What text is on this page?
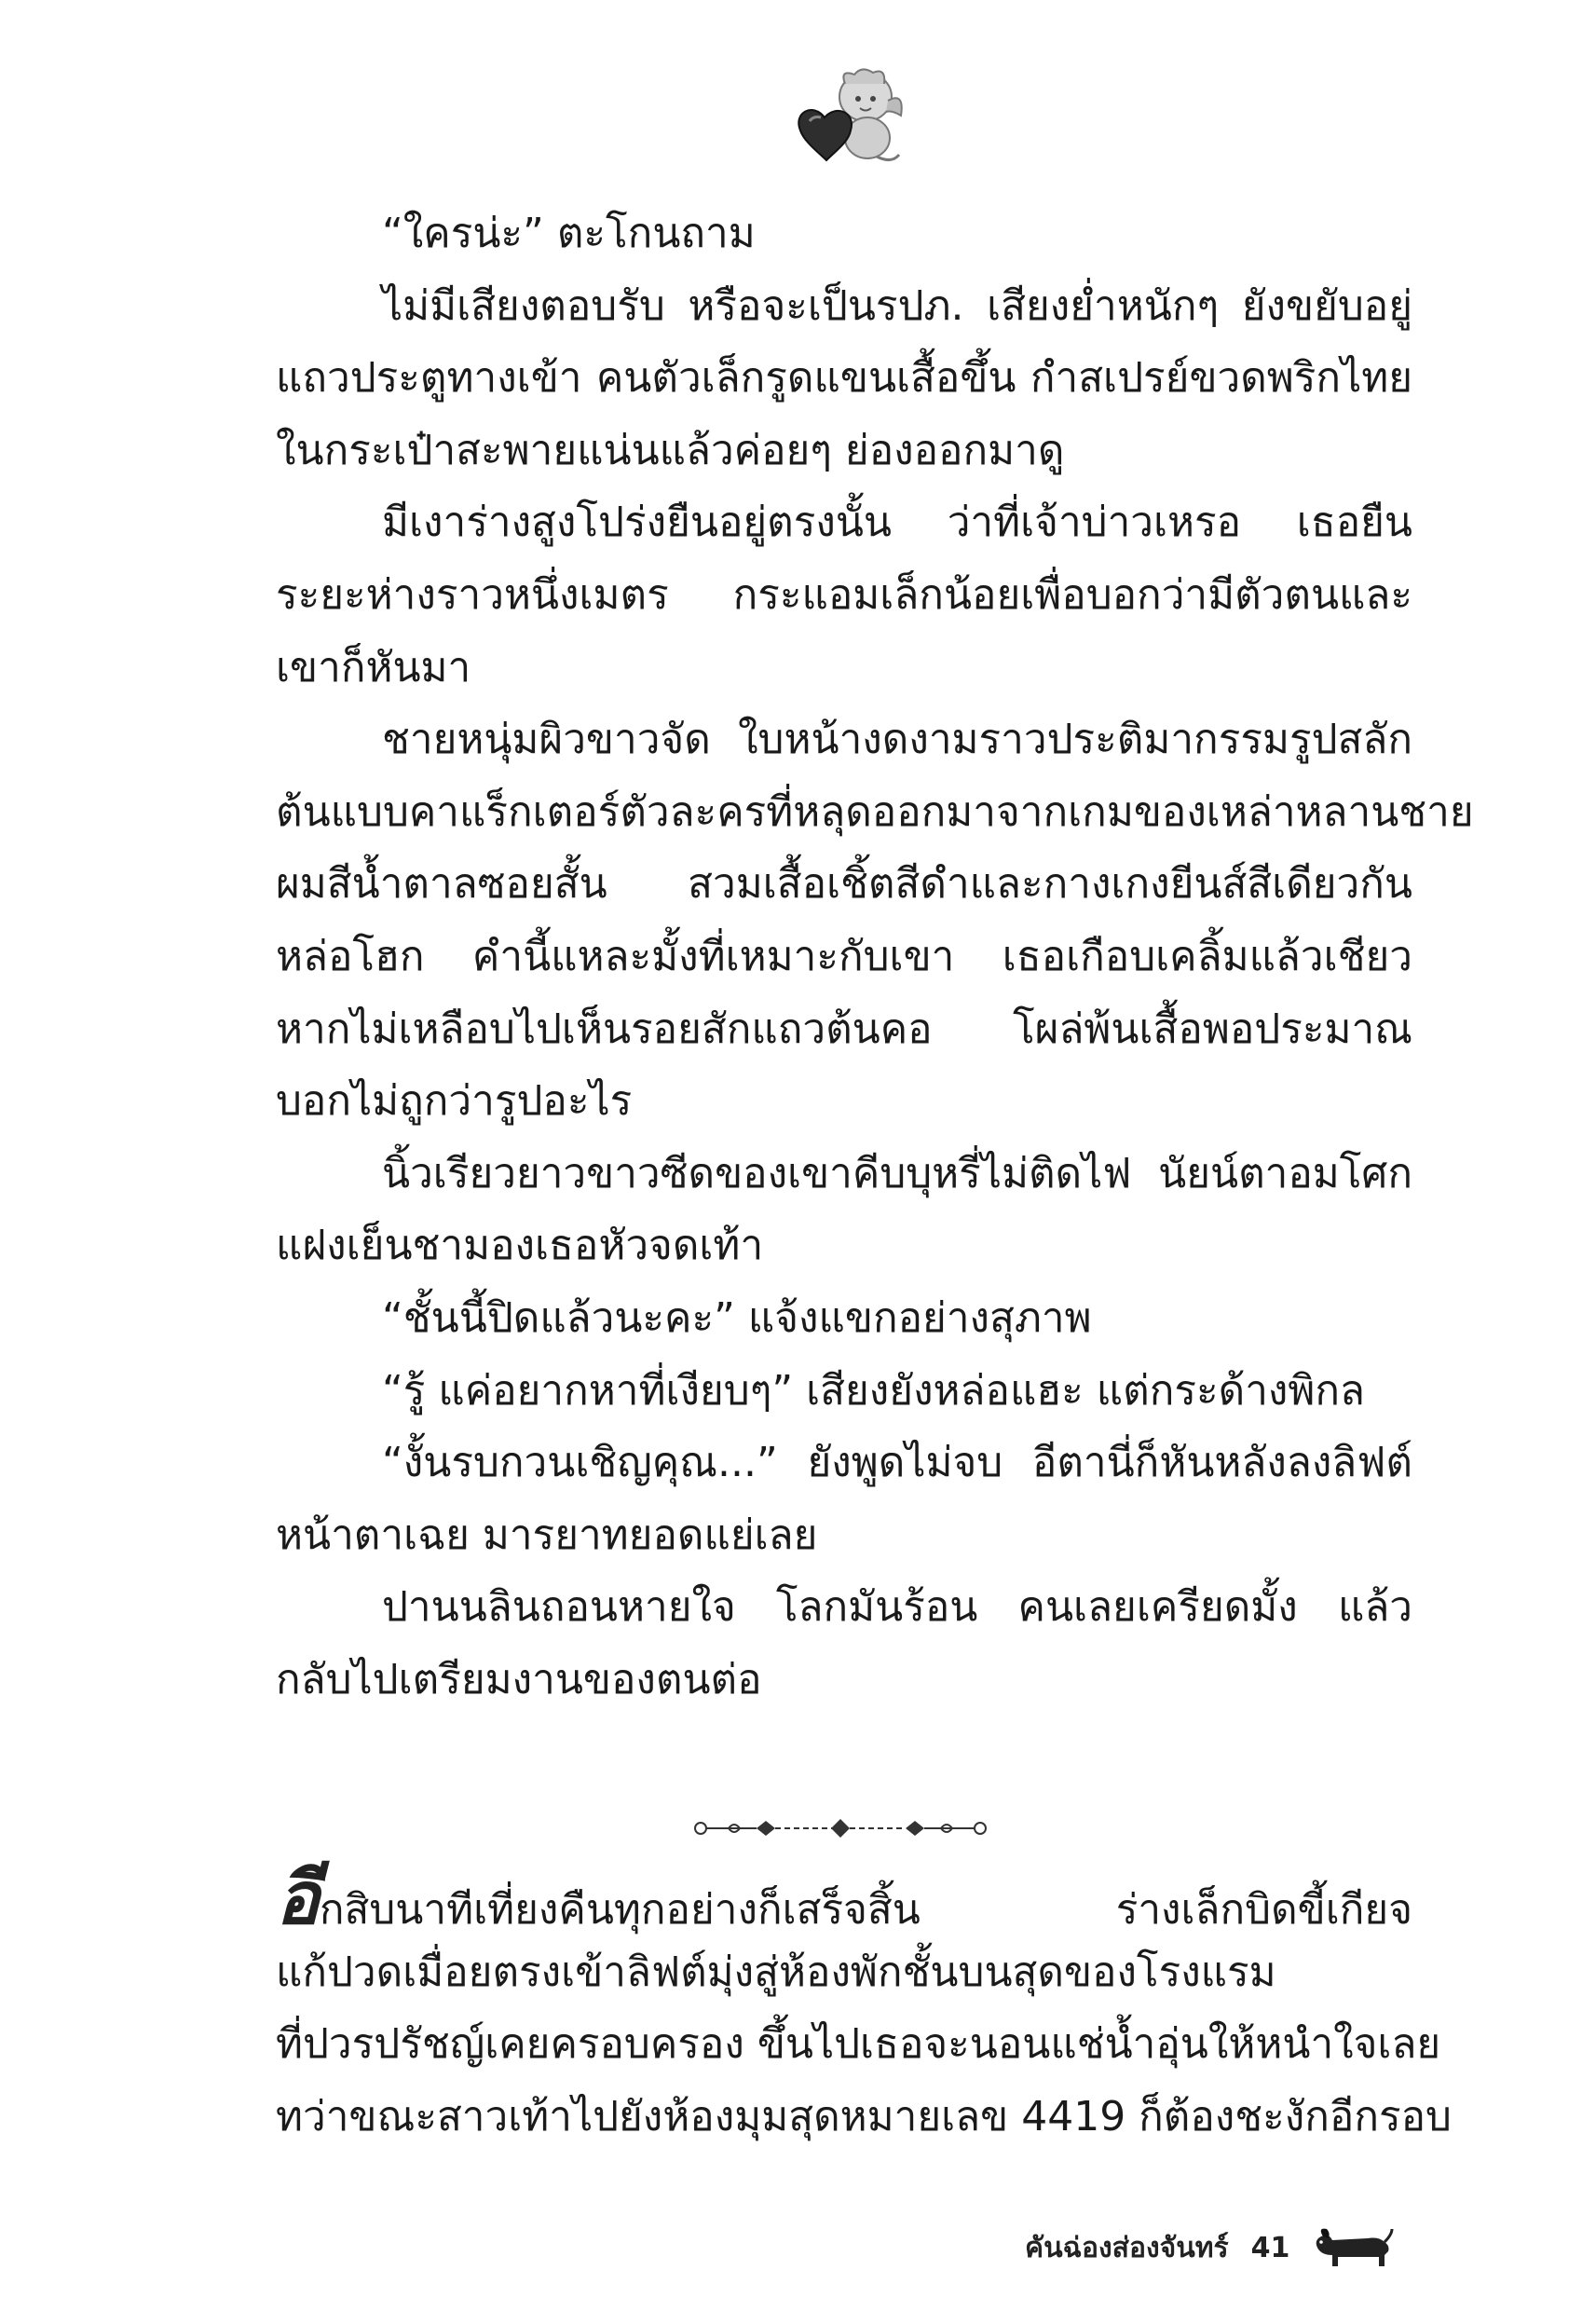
“ใครน่ะ” ตะโกนถาม
ไม่มีเสียงตอบรับ หรือจะเป็นรปภ. เสียงย่ำหนักๆ ยังขยับอยู่
แถวประตูทางเข้า คนตัวเล็กรูดแขนเสื้อขึ้น กำสเปรย์ขวดพริกไทย
ในกระเป๋าสะพายแน่นแล้วค่อยๆ ย่องออกมาดู
มีเงาร่างสูงโปร่งยืนอยู่ตรงนั้น ว่าที่เจ้าบ่าวเหรอ เธอยืน
ระยะห่างราวหนึ่งเมตร กระแอมเล็กน้อยเพื่อบอกว่ามีตัวตนและ
เขาก็หันมา
ชายหนุ่มผิวขาวจัด ใบหน้างดงามราวประติมากรรมรูปสลัก
ต้นแบบคาแร็กเตอร์ตัวละครที่หลุดออกมาจากเกมของเหล่าหลานชาย
ผมสีน้ำตาลซอยสั้น สวมเสื้อเชิ้ตสีดำและกางเกงยีนส์สีเดียวกัน
หล่อโฮก คำนี้แหละมั้งที่เหมาะกับเขา เธอเกือบเคลิ้มแล้วเชียว
หากไม่เหลือบไปเห็นรอยสักแถวต้นคอ โผล่พ้นเสื้อพอประมาณ
บอกไม่ถูกว่ารูปอะไร
นิ้วเรียวยาวขาวซีดของเขาคีบบุหรี่ไม่ติดไฟ นัยน์ตาอมโศก
แฝงเย็นชามองเธอหัวจดเท้า
“ชั้นนี้ปิดแล้วนะคะ” แจ้งแขกอย่างสุภาพ
“รู้ แค่อยากหาที่เงียบๆ” เสียงยังหล่อแฮะ แต่กระด้างพิกล
“งั้นรบกวนเชิญคุณ...” ยังพูดไม่จบ อีตานี่ก็หันหลังลงลิฟต์
หน้าตาเฉย มารยาทยอดแย่เลย
ปานนลินถอนหายใจ โลกมันร้อน คนเลยเครียดมั้ง แล้ว
กลับไปเตรียมงานของตนต่อ
อีกสิบนาทีเที่ยงคืนทุกอย่างก็เสร็จสิ้น ร่างเล็กบิดขี้เกียจ
แก้ปวดเมื่อยตรงเข้าลิฟต์มุ่งสู่ห้องพักชั้นบนสุดของโรงแรม
ที่ปวรปรัชญ์เคยครอบครอง ขึ้นไปเธอจะนอนแช่น้ำอุ่นให้หนำใจเลย
ทว่าขณะสาวเท้าไปยังห้องมุมสุดหมายเลข 4419 ก็ต้องชะงักอีกรอบ
คันฉ่องส่องจันทร์ 41
